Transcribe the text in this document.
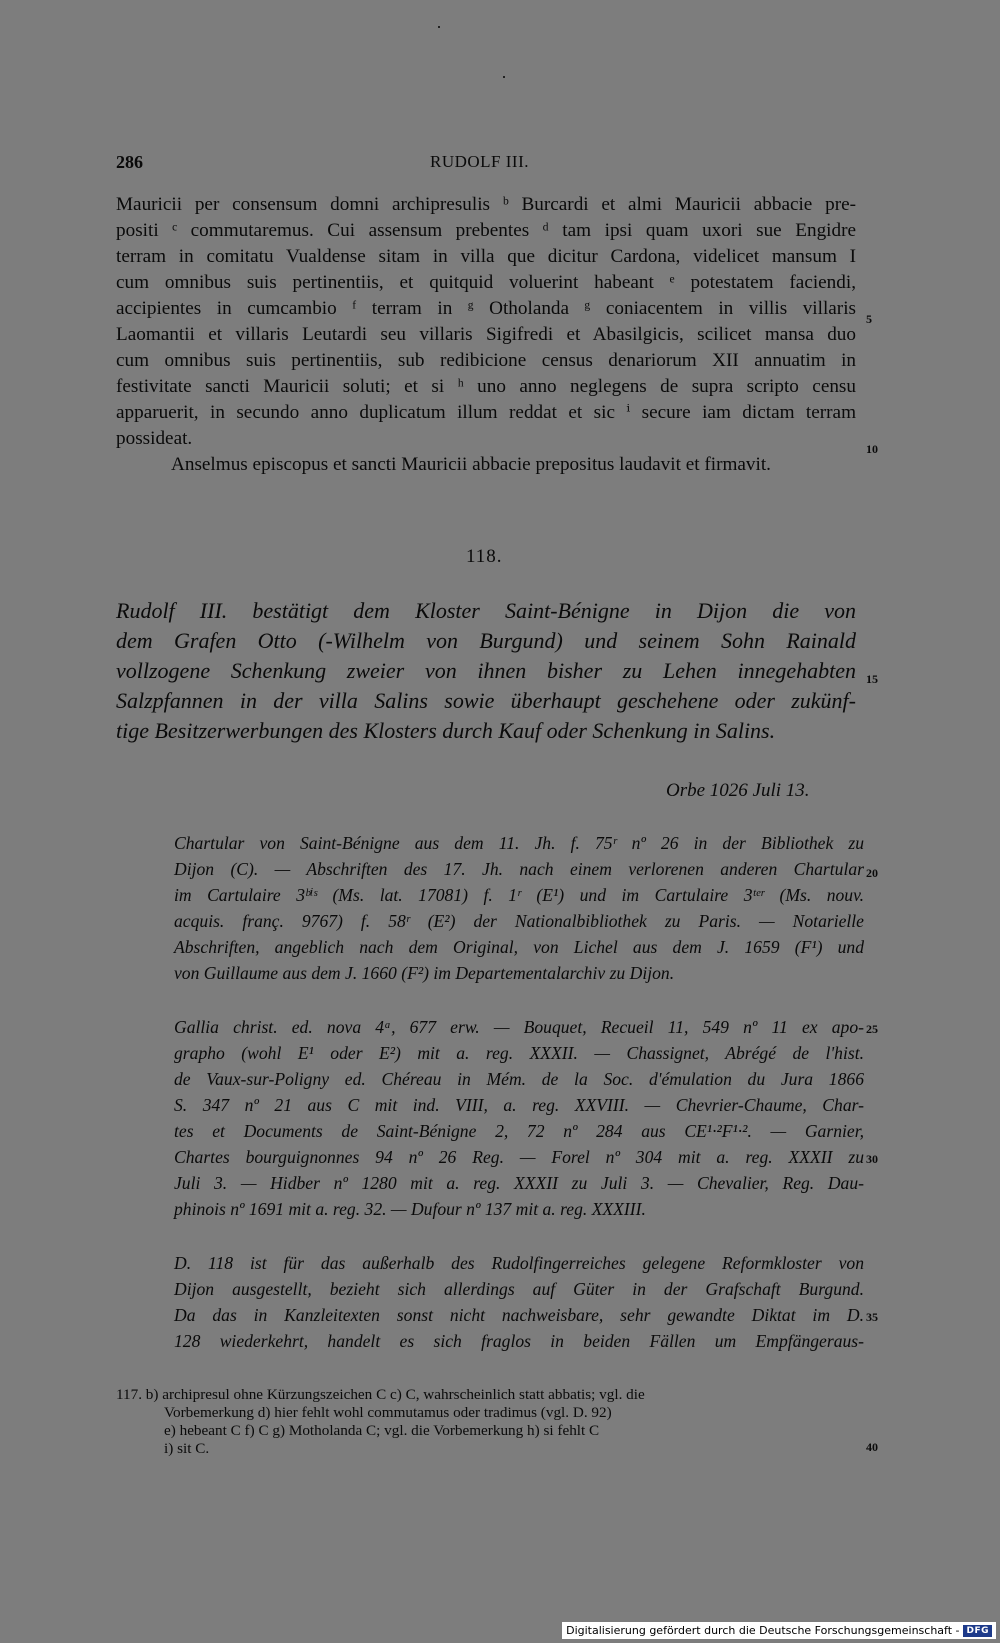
286	RUDOLF III.
Mauricii per consensum domni archipresulis ᵇ Burcardi et almi Mauricii abbacie pre-
positi ᶜ commutaremus. Cui assensum prebentes ᵈ tam ipsi quam uxori sue Engidre
terram in comitatu Vualdense sitam in villa que dicitur Cardona, videlicet mansum I
cum omnibus suis pertinentiis, et quitquid voluerint habeant ᵉ potestatem faciendi,
accipientes in cumcambio ᶠ terram in ᵍ Otholanda ᵍ coniacentem in villis villaris
Laomantii et villaris Leutardi seu villaris Sigifredi et Abasilgicis, scilicet mansa duo
cum omnibus suis pertinentiis, sub redibicione census denariorum XII annuatim in
festivitate sancti Mauricii soluti; et si ʰ uno anno neglegens de supra scripto censu
apparuerit, in secundo anno duplicatum illum reddat et sic ⁱ secure iam dictam terram
possideat.
Anselmus episcopus et sancti Mauricii abbacie prepositus laudavit et firmavit.
5
10
118.
Rudolf III. bestätigt dem Kloster Saint-Bénigne in Dijon die von
dem Grafen Otto (-Wilhelm von Burgund) und seinem Sohn Rainald
vollzogene Schenkung zweier von ihnen bisher zu Lehen innegehabten
Salzpfannen in der villa Salins sowie überhaupt geschehene oder zukünf-
tige Besitzerwerbungen des Klosters durch Kauf oder Schenkung in Salins.
15
Orbe 1026 Juli 13.
Chartular von Saint-Bénigne aus dem 11. Jh. f. 75ʳ nº 26 in der Bibliothek zu
Dijon (C). — Abschriften des 17. Jh. nach einem verlorenen anderen Chartular
im Cartulaire 3ᵇⁱˢ (Ms. lat. 17081) f. 1ʳ (E¹) und im Cartulaire 3ᵗᵉʳ (Ms. nouv.
acquis. franç. 9767) f. 58ʳ (E²) der Nationalbibliothek zu Paris. — Notarielle
Abschriften, angeblich nach dem Original, von Lichel aus dem J. 1659 (F¹) und
von Guillaume aus dem J. 1660 (F²) im Departementalarchiv zu Dijon.
20
Gallia christ. ed. nova 4ᵃ, 677 erw. — Bouquet, Recueil 11, 549 nº 11 ex apo-
grapho (wohl E¹ oder E²) mit a. reg. XXXII. — Chassignet, Abrégé de l'hist.
de Vaux-sur-Poligny ed. Chéreau in Mém. de la Soc. d'émulation du Jura 1866
S. 347 nº 21 aus C mit ind. VIII, a. reg. XXVIII. — Chevrier-Chaume, Char-
tes et Documents de Saint-Bénigne 2, 72 nº 284 aus CE¹·²F¹·². — Garnier,
Chartes bourguignonnes 94 nº 26 Reg. — Forel nº 304 mit a. reg. XXXII zu
Juli 3. — Hidber nº 1280 mit a. reg. XXXII zu Juli 3. — Chevalier, Reg. Dau-
phinois nº 1691 mit a. reg. 32. — Dufour nº 137 mit a. reg. XXXIII.
25
30
D. 118 ist für das außerhalb des Rudolfingerreiches gelegene Reformkloster von
Dijon ausgestellt, bezieht sich allerdings auf Güter in der Grafschaft Burgund.
Da das in Kanzleitexten sonst nicht nachweisbare, sehr gewandte Diktat im D.
128 wiederkehrt, handelt es sich fraglos in beiden Fällen um Empfängeraus-
35
117. b) archipresul ohne Kürzungszeichen C c) C, wahrscheinlich statt abbatis; vgl. die
Vorbemerkung d) hier fehlt wohl commutamus oder tradimus (vgl. D. 92)
e) hebeant C f) C g) Motholanda C; vgl. die Vorbemerkung h) si fehlt C
i) sit C.	40
Digitalisierung gefördert durch die Deutsche Forschungsgemeinschaft - DFG
